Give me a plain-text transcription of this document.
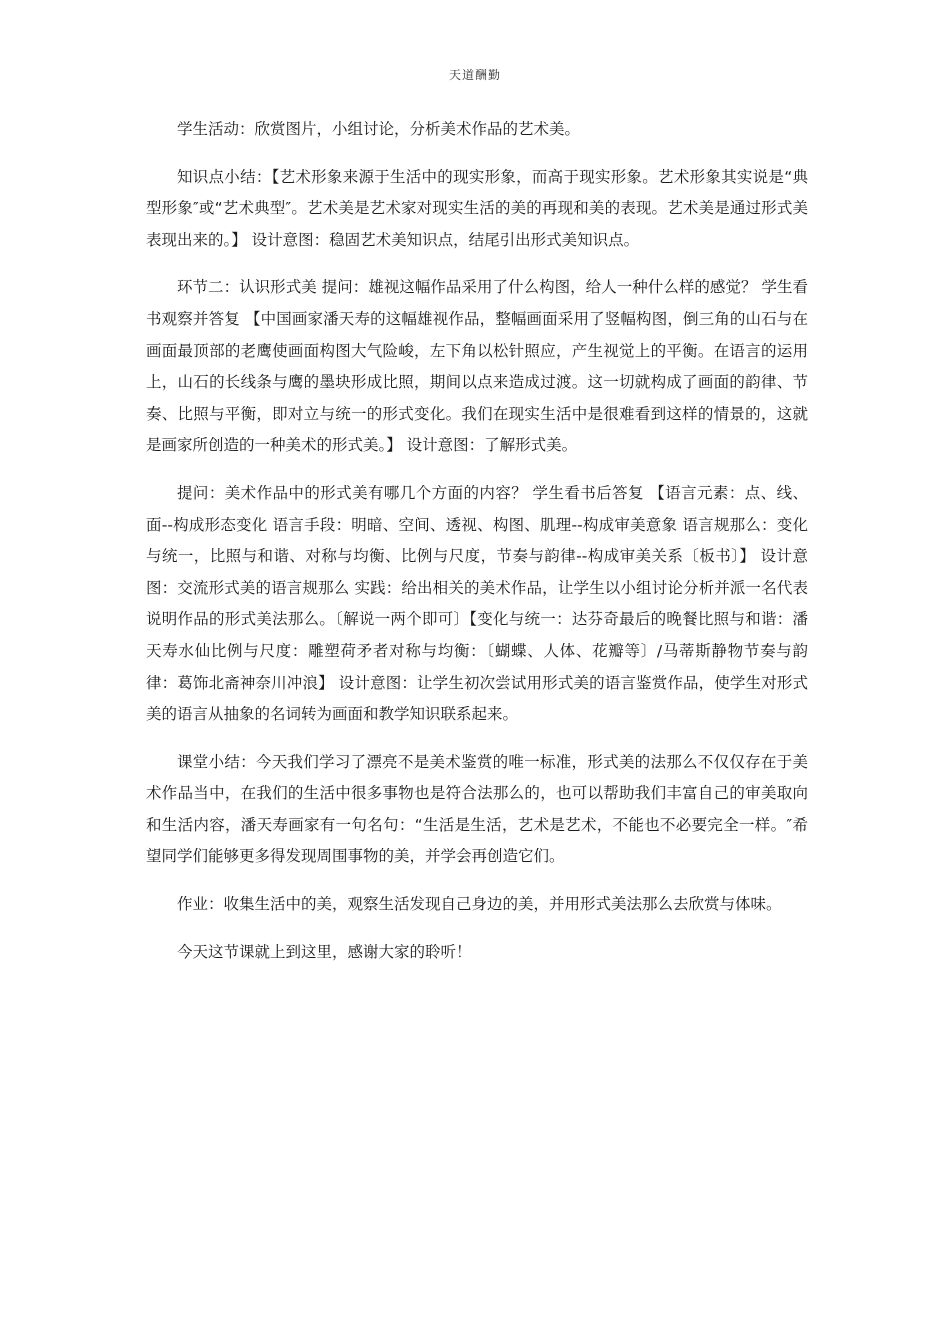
天道酬勤

学生活动：欣赏图片，小组讨论，分析美术作品的艺术美。

知识点小结：【艺术形象来源于生活中的现实形象，而高于现实形象。艺术形象其实说是“典型形象″或“艺术典型″。艺术美是艺术家对现实生活的美的再现和美的表现。艺术美是通过形式美表现出来的。】 设计意图：稳固艺术美知识点，结尾引出形式美知识点。

环节二：认识形式美 提问：雄视这幅作品采用了什么构图，给人一种什么样的感觉？ 学生看书观察并答复 【中国画家潘天寿的这幅雄视作品，整幅画面采用了竖幅构图，倒三角的山石与在画面最顶部的老鹰使画面构图大气险峻，左下角以松针照应，产生视觉上的平衡。在语言的运用上，山石的长线条与鹰的墨块形成比照，期间以点来造成过渡。这一切就构成了画面的韵律、节奏、比照与平衡，即对立与统一的形式变化。我们在现实生活中是很难看到这样的情景的，这就是画家所创造的一种美术的形式美。】 设计意图：了解形式美。

提问：美术作品中的形式美有哪几个方面的内容？ 学生看书后答复 【语言元素：点、线、面--构成形态变化 语言手段：明暗、空间、透视、构图、肌理--构成审美意象 语言规那么：变化与统一，比照与和谐、对称与均衡、比例与尺度，节奏与韵律--构成审美关系〔板书〕】 设计意图：交流形式美的语言规那么 实践：给出相关的美术作品，让学生以小组讨论分析并派一名代表说明作品的形式美法那么。〔解说一两个即可〕【变化与统一：达芬奇最后的晚餐比照与和谐：潘天寿水仙比例与尺度：雕塑荷矛者对称与均衡：〔蝴蝶、人体、花瓣等〕/马蒂斯静物节奏与韵律：葛饰北斋神奈川冲浪】 设计意图：让学生初次尝试用形式美的语言鉴赏作品，使学生对形式美的语言从抽象的名词转为画面和教学知识联系起来。

课堂小结：今天我们学习了漂亮不是美术鉴赏的唯一标准，形式美的法那么不仅仅存在于美术作品当中，在我们的生活中很多事物也是符合法那么的，也可以帮助我们丰富自己的审美取向和生活内容，潘天寿画家有一句名句：“生活是生活，艺术是艺术，不能也不必要完全一样。″希望同学们能够更多得发现周围事物的美，并学会再创造它们。

作业：收集生活中的美，观察生活发现自己身边的美，并用形式美法那么去欣赏与体味。

今天这节课就上到这里，感谢大家的聆听！
